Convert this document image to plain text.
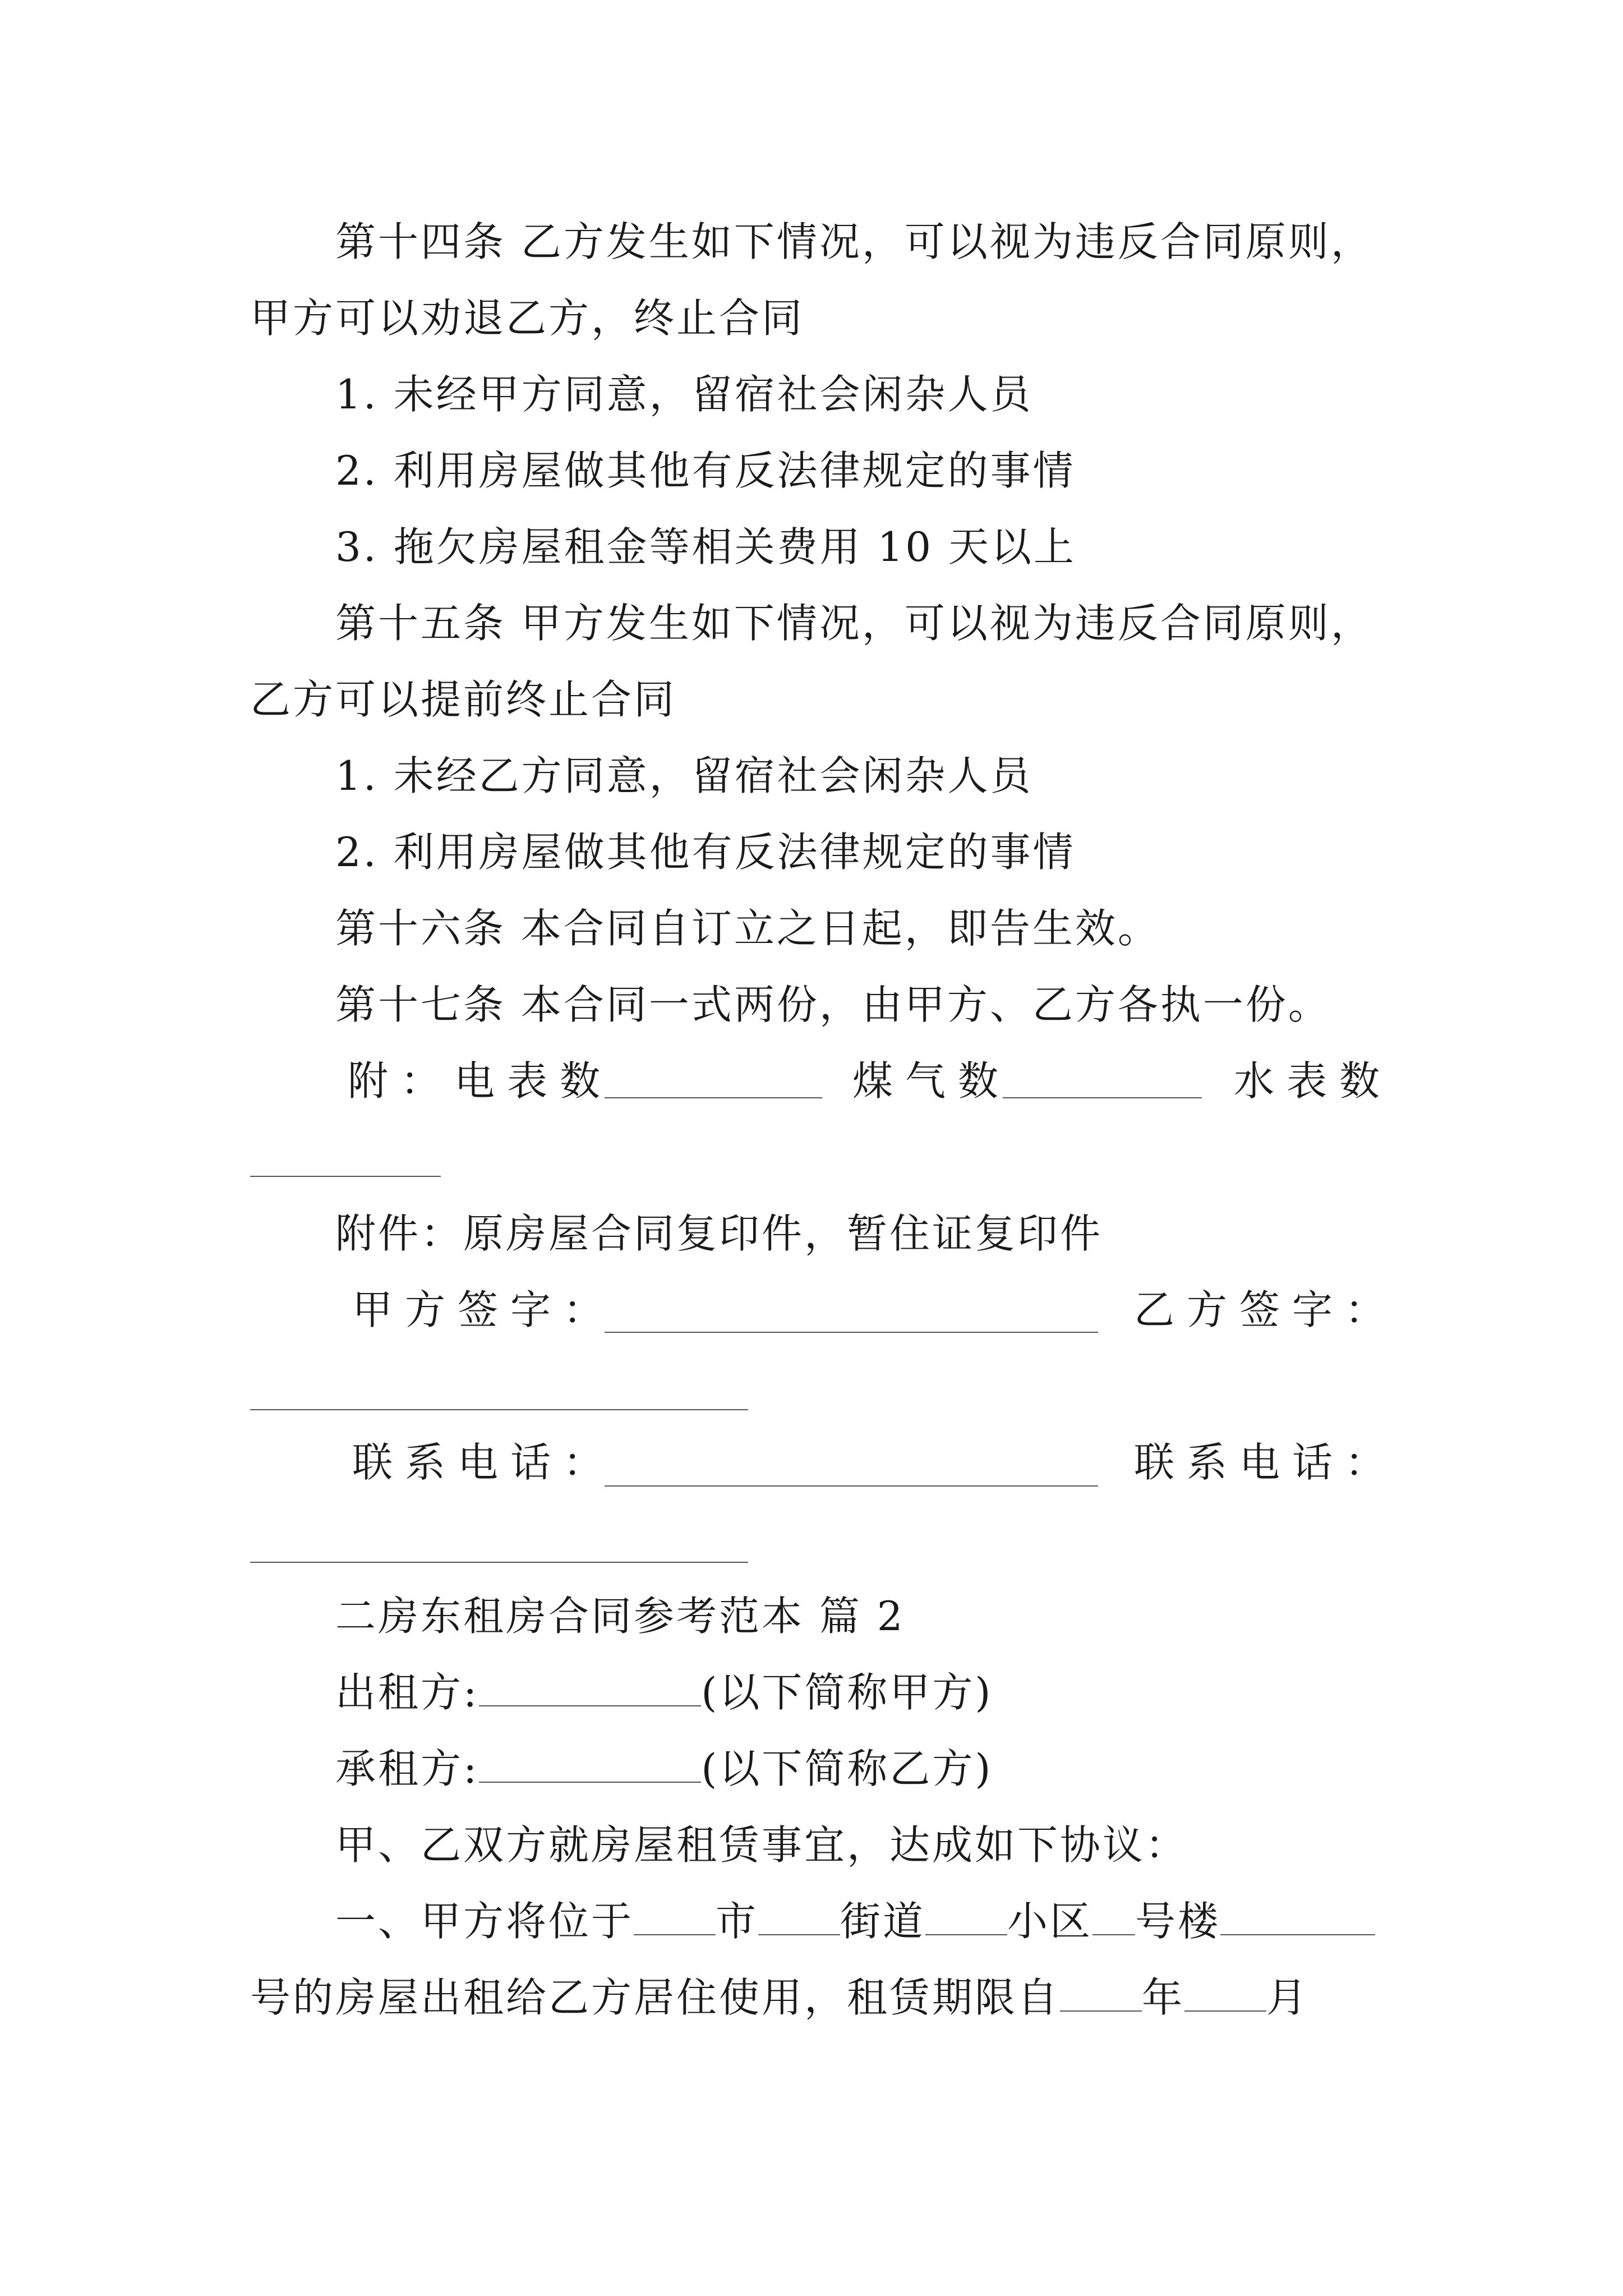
第十四条 乙方发生如下情况，可以视为违反合同原则，
甲方可以劝退乙方，终止合同
1. 未经甲方同意，留宿社会闲杂人员
2. 利用房屋做其他有反法律规定的事情
3. 拖欠房屋租金等相关费用 10 天以上
第十五条 甲方发生如下情况，可以视为违反合同原则，
乙方可以提前终止合同
1. 未经乙方同意，留宿社会闲杂人员
2. 利用房屋做其他有反法律规定的事情
第十六条 本合同自订立之日起，即告生效。
第十七条 本合同一式两份，由甲方、乙方各执一份。
附： 电表数	煤气数	水表数
附件：原房屋合同复印件，暂住证复印件
甲方签字：	乙方签字：
联系电话：	联系电话：
二房东租房合同参考范本 篇 2
出租方:	(以下简称甲方)
承租方:	(以下简称乙方)
甲、乙双方就房屋租赁事宜，达成如下协议：
一、甲方将位于 市 街道 小区 号楼
号的房屋出租给乙方居住使用，租赁期限自 年 月
